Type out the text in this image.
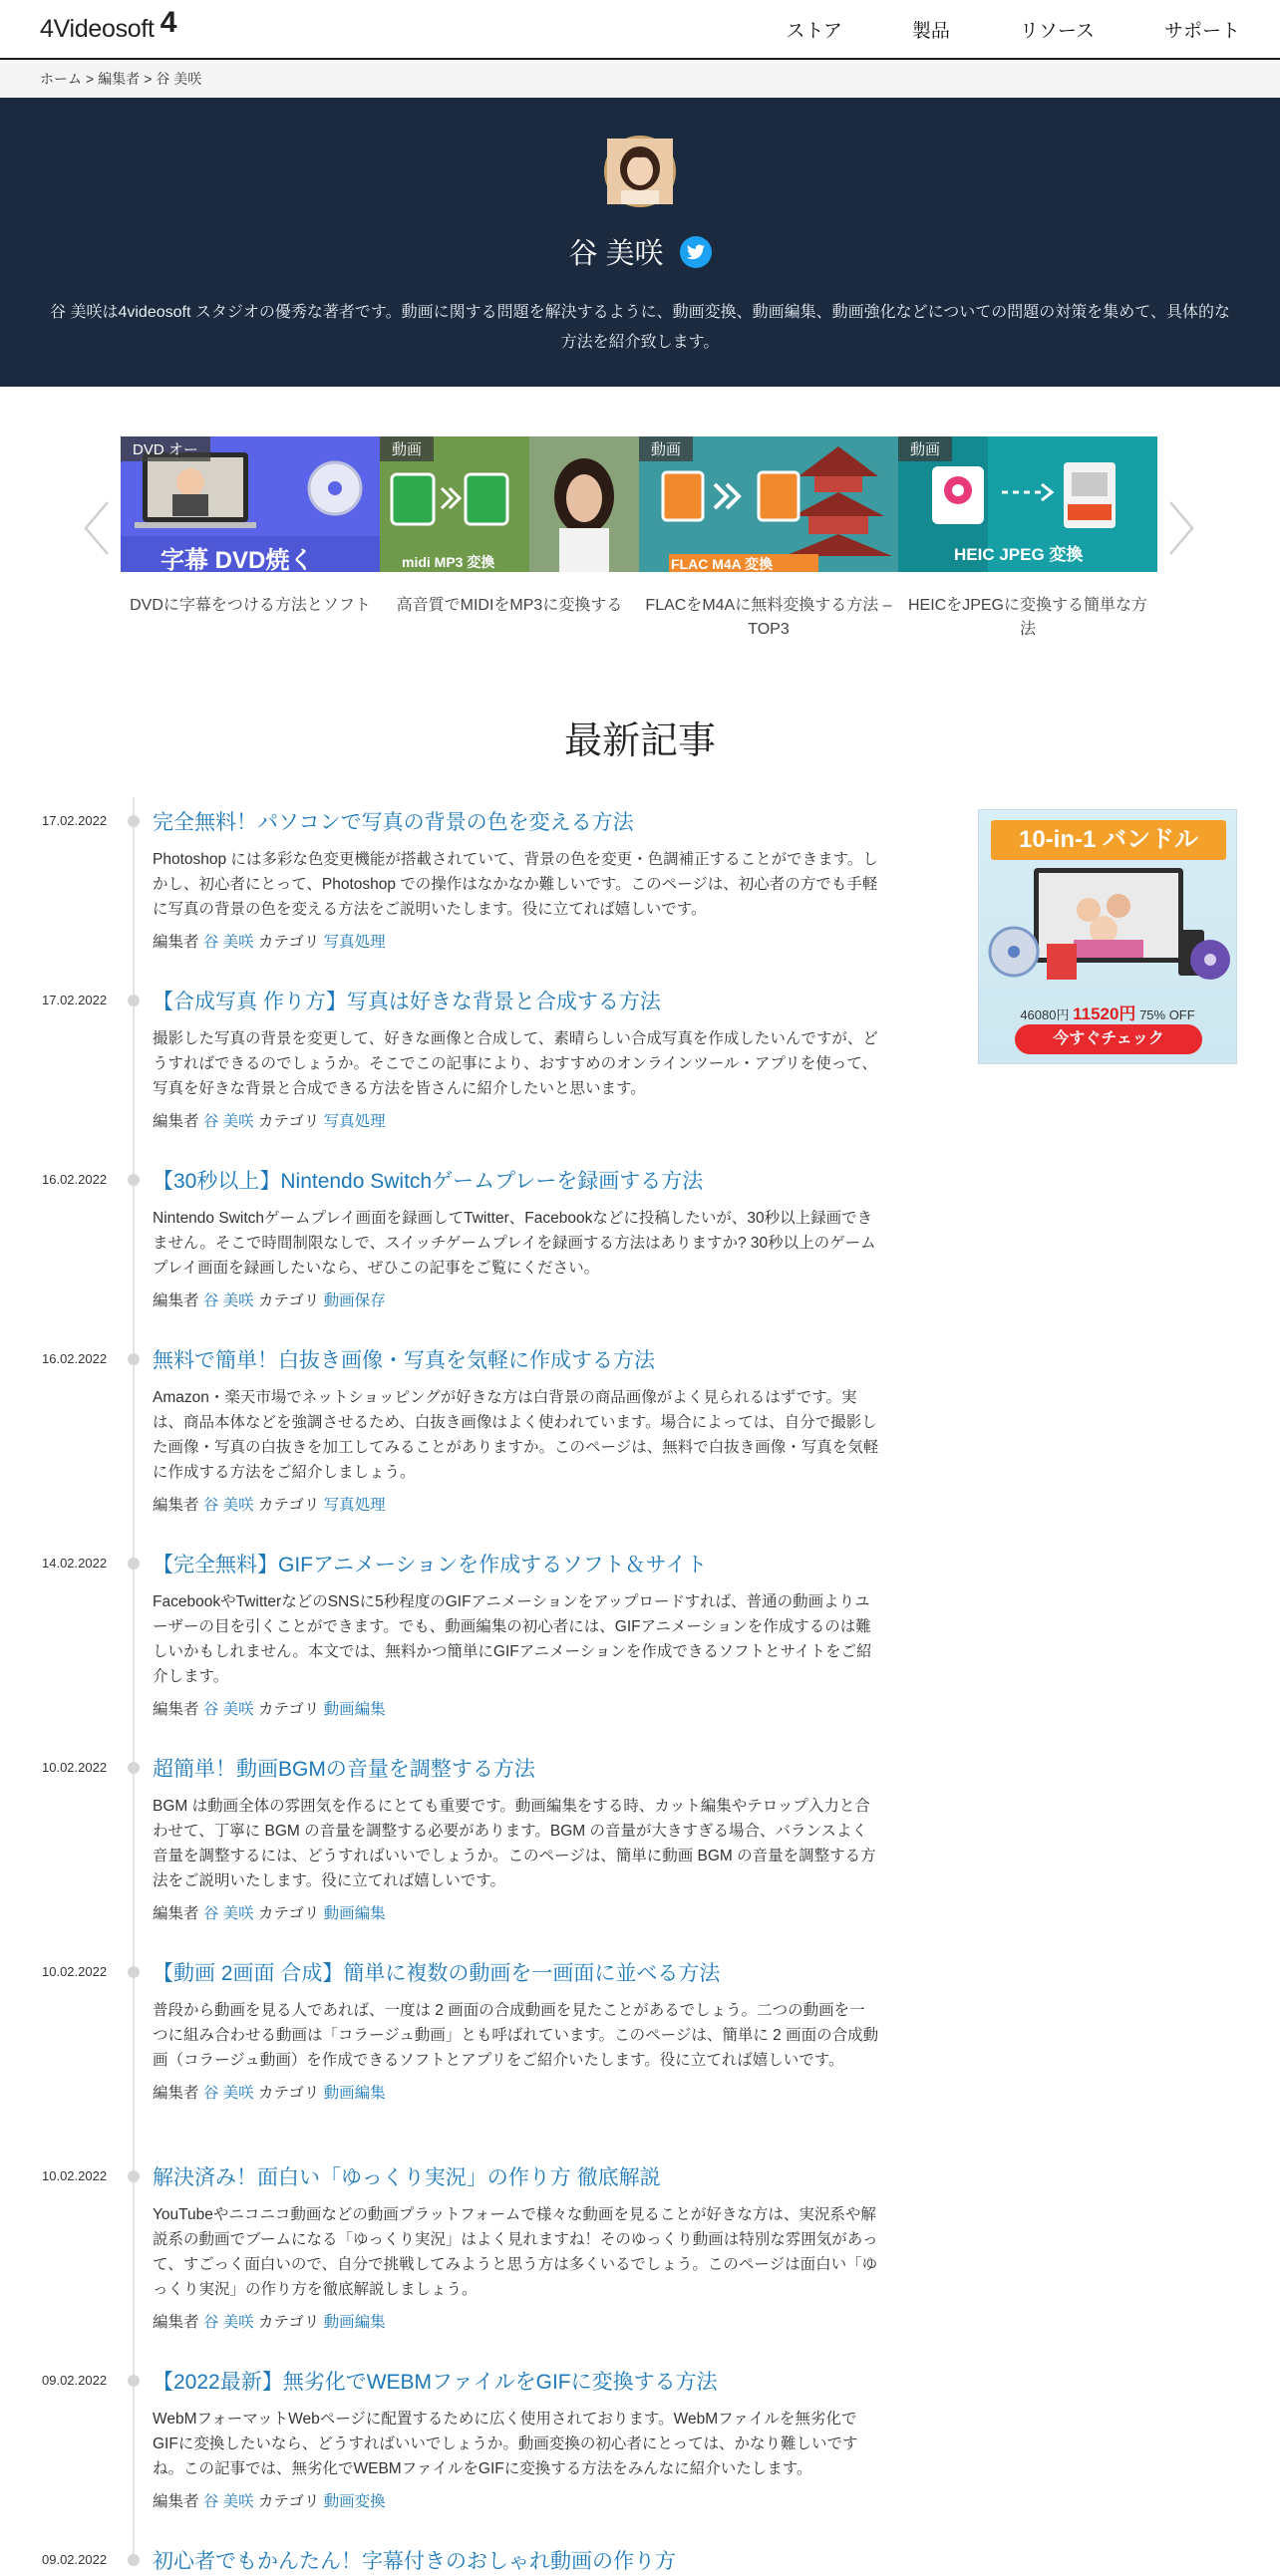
4Videosoft 4	ストア	製品	リソース	サポート
ホーム > 編集者 > 谷 美咲
谷 美咲
谷 美咲は4videosoft スタジオの優秀な著者です。動画に関する問題を解決するように、動画変換、動画編集、動画強化などについての問題の対策を集めて、具体的な
方法を紹介致します。
DVD オー
字幕 DVD焼く
DVDに字幕をつける方法とソフト
動画
midi MP3 変換
高音質でMIDIをMP3に変換する
動画
FLAC M4A 変換
FLACをM4Aに無料変換する方法 – TOP3
動画
HEIC JPEG 変換
HEICをJPEGに変換する簡単な方法
最新記事
17.02.2022 完全無料！パソコンで写真の背景の色を変える方法
Photoshop には多彩な色変更機能が搭載されていて、背景の色を変更・色調補正することができます。しかし、初心者にとって、Photoshop での操作はなかなか難しいです。このページは、初心者の方でも手軽に写真の背景の色を変える方法をご説明いたします。役に立てれば嬉しいです。
編集者 谷 美咲 カテゴリ 写真処理
17.02.2022 【合成写真 作り方】写真は好きな背景と合成する方法
撮影した写真の背景を変更して、好きな画像と合成して、素晴らしい合成写真を作成したいんですが、どうすればできるのでしょうか。そこでこの記事により、おすすめのオンラインツール・アプリを使って、写真を好きな背景と合成できる方法を皆さんに紹介したいと思います。
編集者 谷 美咲 カテゴリ 写真処理
16.02.2022 【30秒以上】Nintendo Switchゲームプレーを録画する方法
Nintendo Switchゲームプレイ画面を録画してTwitter、Facebookなどに投稿したいが、30秒以上録画できません。そこで時間制限なしで、スイッチゲームプレイを録画する方法はありますか? 30秒以上のゲームプレイ画面を録画したいなら、ぜひこの記事をご覧にください。
編集者 谷 美咲 カテゴリ 動画保存
16.02.2022 無料で簡単！白抜き画像・写真を気軽に作成する方法
Amazon・楽天市場でネットショッピングが好きな方は白背景の商品画像がよく見られるはずです。実は、商品本体などを強調させるため、白抜き画像はよく使われています。場合によっては、自分で撮影した画像・写真の白抜きを加工してみることがありますか。このページは、無料で白抜き画像・写真を気軽に作成する方法をご紹介しましょう。
編集者 谷 美咲 カテゴリ 写真処理
14.02.2022 【完全無料】GIFアニメーションを作成するソフト＆サイト
FacebookやTwitterなどのSNSに5秒程度のGIFアニメーションをアップロードすれば、普通の動画よりユーザーの目を引くことができます。でも、動画編集の初心者には、GIFアニメーションを作成するのは難しいかもしれません。本文では、無料かつ簡単にGIFアニメーションを作成できるソフトとサイトをご紹介します。
編集者 谷 美咲 カテゴリ 動画編集
10.02.2022 超簡単！動画BGMの音量を調整する方法
BGM は動画全体の雰囲気を作るにとても重要です。動画編集をする時、カット編集やテロップ入力と合わせて、丁寧に BGM の音量を調整する必要があります。BGM の音量が大きすぎる場合、バランスよく音量を調整するには、どうすればいいでしょうか。このページは、簡単に動画 BGM の音量を調整する方法をご説明いたします。役に立てれば嬉しいです。
編集者 谷 美咲 カテゴリ 動画編集
10.02.2022 【動画 2画面 合成】簡単に複数の動画を一画面に並べる方法
普段から動画を見る人であれば、一度は 2 画面の合成動画を見たことがあるでしょう。二つの動画を一つに組み合わせる動画は「コラージュ動画」とも呼ばれています。このページは、簡単に 2 画面の合成動画（コラージュ動画）を作成できるソフトとアプリをご紹介いたします。役に立てれば嬉しいです。
編集者 谷 美咲 カテゴリ 動画編集
10.02.2022 解決済み！面白い「ゆっくり実況」の作り方 徹底解説
YouTubeやニコニコ動画などの動画プラットフォームで様々な動画を見ることが好きな方は、実況系や解説系の動画でブームになる「ゆっくり実況」はよく見れますね！そのゆっくり動画は特別な雰囲気があって、すごっく面白いので、自分で挑戦してみようと思う方は多くいるでしょう。このページは面白い「ゆっくり実況」の作り方を徹底解説しましょう。
編集者 谷 美咲 カテゴリ 動画編集
09.02.2022 【2022最新】無劣化でWEBMファイルをGIFに変換する方法
WebMフォーマットWebページに配置するために広く使用されております。WebMファイルを無劣化でGIFに変換したいなら、どうすればいいでしょうか。動画変換の初心者にとっては、かなり難しいですね。この記事では、無劣化でWEBMファイルをGIFに変換する方法をみんなに紹介いたします。
編集者 谷 美咲 カテゴリ 動画変換
09.02.2022 初心者でもかんたん！字幕付きのおしゃれ動画の作り方
10-in-1 バンドル
46080円 11520円 75% OFF
今すぐチェック
